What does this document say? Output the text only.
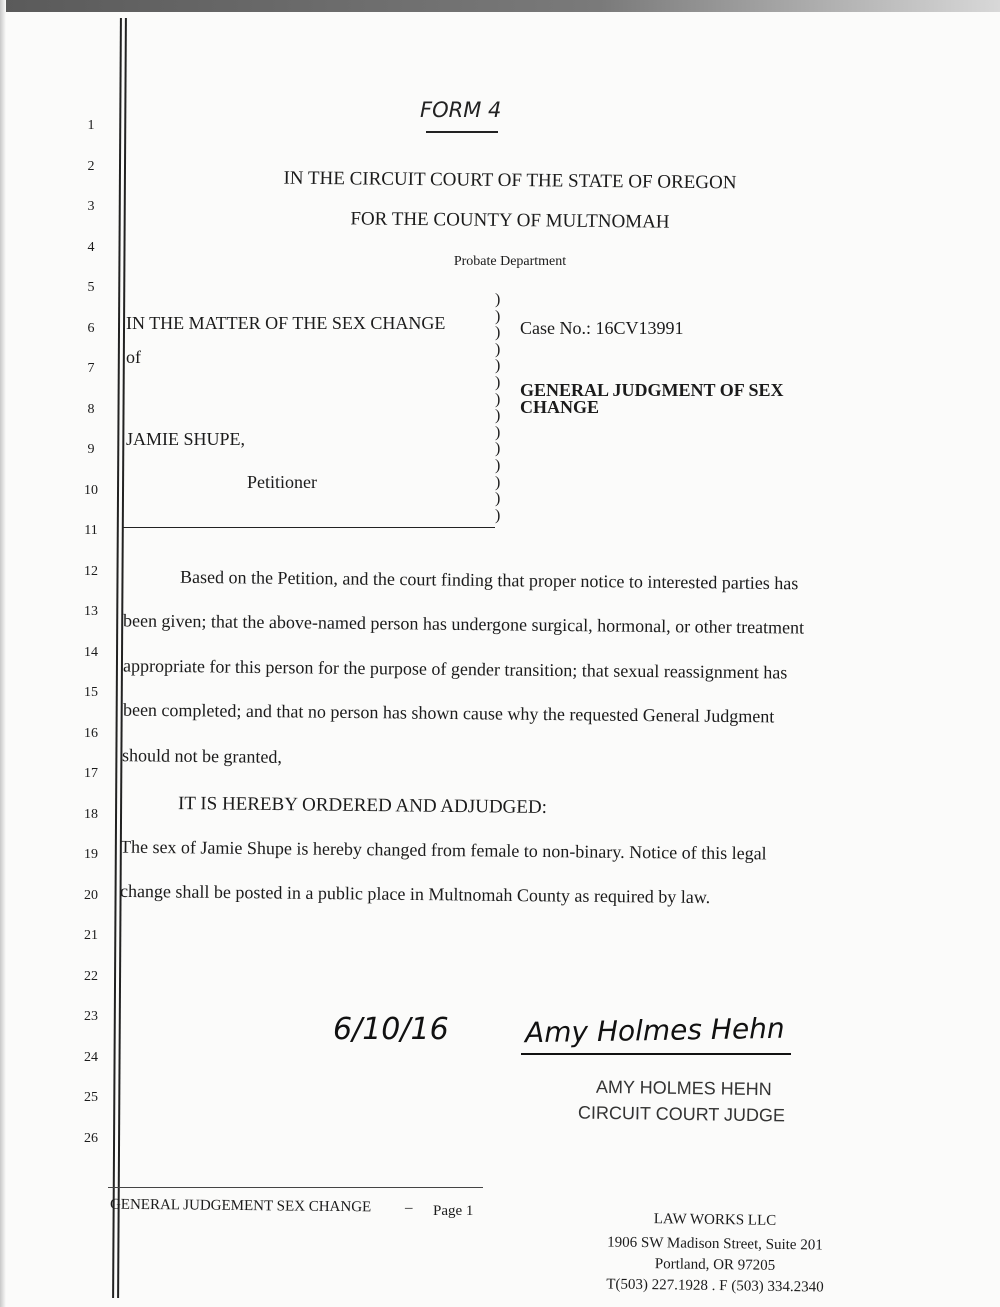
1
2
3
4
5
6
7
8
9
10
11
12
13
14
15
16
17
18
19
20
21
22
23
24
25
26
FORM 4
IN THE CIRCUIT COURT OF THE STATE OF OREGON
FOR THE COUNTY OF MULTNOMAH
Probate Department
IN THE MATTER OF THE SEX CHANGE
of
JAMIE SHUPE,
Petitioner
)
)
)
)
)
)
)
)
)
)
)
)
)
)
Case No.: 16CV13991
GENERAL JUDGMENT OF SEX
CHANGE
Based on the Petition, and the court finding that proper notice to interested parties has
been given; that the above-named person has undergone surgical, hormonal, or other treatment
appropriate for this person for the purpose of gender transition; that sexual reassignment has
been completed; and that no person has shown cause why the requested General Judgment
should not be granted,
IT IS HEREBY ORDERED AND ADJUDGED:
The sex of Jamie Shupe is hereby changed from female to non-binary. Notice of this legal
change shall be posted in a public place in Multnomah County as required by law.
6/10/16	Amy Holmes Hehn
AMY HOLMES HEHN
CIRCUIT COURT JUDGE
GENERAL JUDGEMENT SEX CHANGE – Page 1
LAW WORKS LLC
1906 SW Madison Street, Suite 201
Portland, OR 97205
T(503) 227.1928 . F (503) 334.2340
